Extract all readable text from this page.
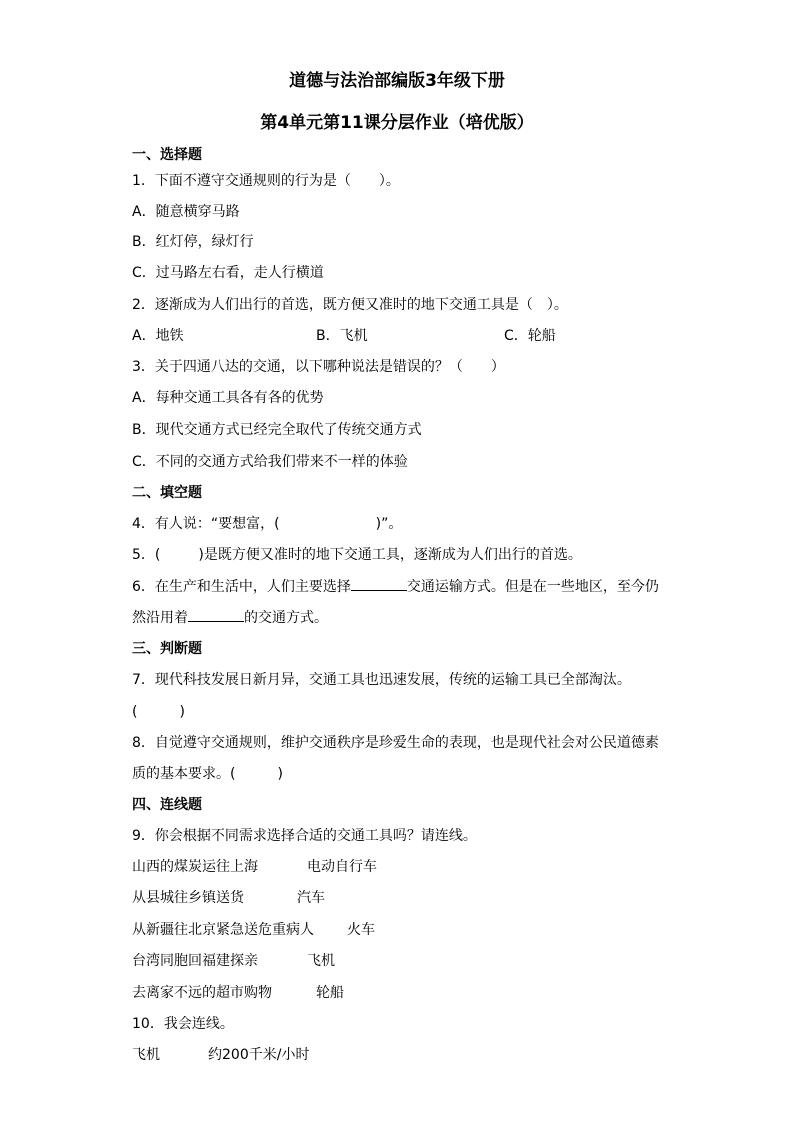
道德与法治部编版3年级下册
第4单元第11课分层作业（培优版）
一、选择题
1．下面不遵守交通规则的行为是（　　）。
A．随意横穿马路
B．红灯停，绿灯行
C．过马路左右看，走人行横道
2．逐渐成为人们出行的首选，既方便又准时的地下交通工具是（　）。
A．地铁	B．飞机	C．轮船
3．关于四通八达的交通，以下哪种说法是错误的？（　　）
A．每种交通工具各有各的优势
B．现代交通方式已经完全取代了传统交通方式
C．不同的交通方式给我们带来不一样的体验
二、填空题
4．有人说：“要想富，(	)”。
5．(	)是既方便又准时的地下交通工具，逐渐成为人们出行的首选。
6．在生产和生活中，人们主要选择	交通运输方式。但是在一些地区，至今仍
然沿用着	的交通方式。
三、判断题
7．现代科技发展日新月异，交通工具也迅速发展，传统的运输工具已全部淘汰。
(　　　)
8．自觉遵守交通规则，维护交通秩序是珍爱生命的表现，也是现代社会对公民道德素
质的基本要求。(　　　)
四、连线题
9．你会根据不同需求选择合适的交通工具吗？请连线。
山西的煤炭运往上海	电动自行车
从县城往乡镇送货	汽车
从新疆往北京紧急送危重病人 火车
台湾同胞回福建探亲	飞机
去离家不远的超市购物	轮船
10．我会连线。
飞机	约200千米/小时
